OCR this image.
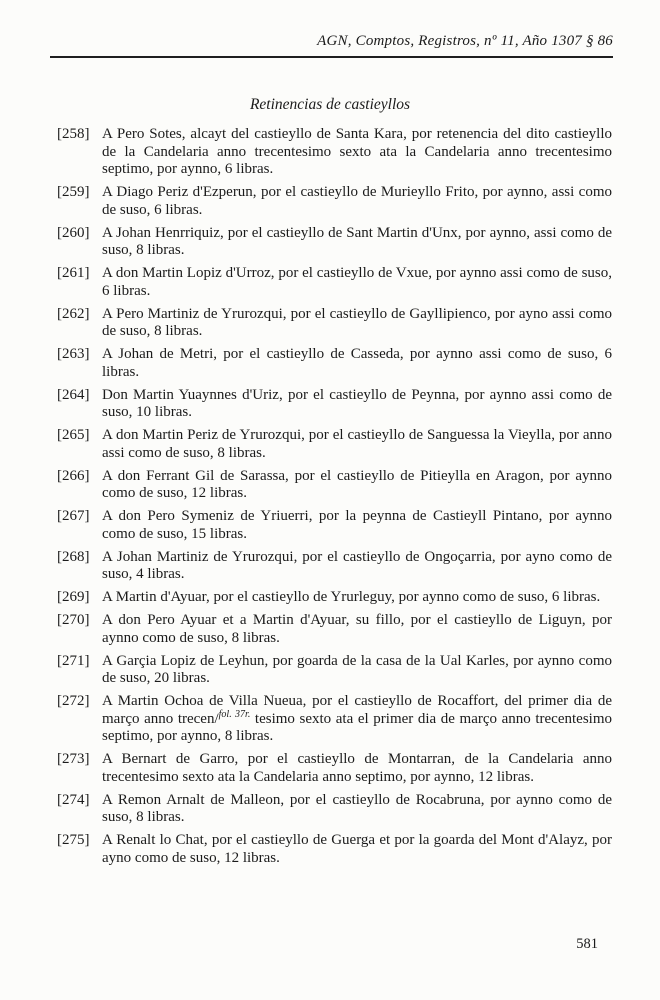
AGN, Comptos, Registros, nº 11, Año 1307 § 86
Retinencias de castieyllos
[258] A Pero Sotes, alcayt del castieyllo de Santa Kara, por retenencia del dito castieyllo de la Candelaria anno trecentesimo sexto ata la Candelaria anno trecentesimo septimo, por aynno, 6 libras.
[259] A Diago Periz d'Ezperun, por el castieyllo de Murieyllo Frito, por aynno, assi como de suso, 6 libras.
[260] A Johan Henrriquiz, por el castieyllo de Sant Martin d'Unx, por aynno, assi como de suso, 8 libras.
[261] A don Martin Lopiz d'Urroz, por el castieyllo de Vxue, por aynno assi como de suso, 6 libras.
[262] A Pero Martiniz de Yrurozqui, por el castieyllo de Gayllipienco, por ayno assi como de suso, 8 libras.
[263] A Johan de Metri, por el castieyllo de Casseda, por aynno assi como de suso, 6 libras.
[264] Don Martin Yuaynnes d'Uriz, por el castieyllo de Peynna, por aynno assi como de suso, 10 libras.
[265] A don Martin Periz de Yrurozqui, por el castieyllo de Sanguessa la Vieylla, por anno assi como de suso, 8 libras.
[266] A don Ferrant Gil de Sarassa, por el castieyllo de Pitieylla en Aragon, por aynno como de suso, 12 libras.
[267] A don Pero Symeniz de Yriuerri, por la peynna de Castieyll Pintano, por aynno como de suso, 15 libras.
[268] A Johan Martiniz de Yrurozqui, por el castieyllo de Ongoçarria, por ayno como de suso, 4 libras.
[269] A Martin d'Ayuar, por el castieyllo de Yrurleguy, por aynno como de suso, 6 libras.
[270] A don Pero Ayuar et a Martin d'Ayuar, su fillo, por el castieyllo de Liguyn, por aynno como de suso, 8 libras.
[271] A Garçia Lopiz de Leyhun, por goarda de la casa de la Ual Karles, por aynno como de suso, 20 libras.
[272] A Martin Ochoa de Villa Nueua, por el castieyllo de Rocaffort, del primer dia de março anno trecen/$^{fol. 37r.}$ tesimo sexto ata el primer dia de março anno trecentesimo septimo, por aynno, 8 libras.
[273] A Bernart de Garro, por el castieyllo de Montarran, de la Candelaria anno trecentesimo sexto ata la Candelaria anno septimo, por aynno, 12 libras.
[274] A Remon Arnalt de Malleon, por el castieyllo de Rocabruna, por aynno como de suso, 8 libras.
[275] A Renalt lo Chat, por el castieyllo de Guerga et por la goarda del Mont d'Alayz, por ayno como de suso, 12 libras.
581
